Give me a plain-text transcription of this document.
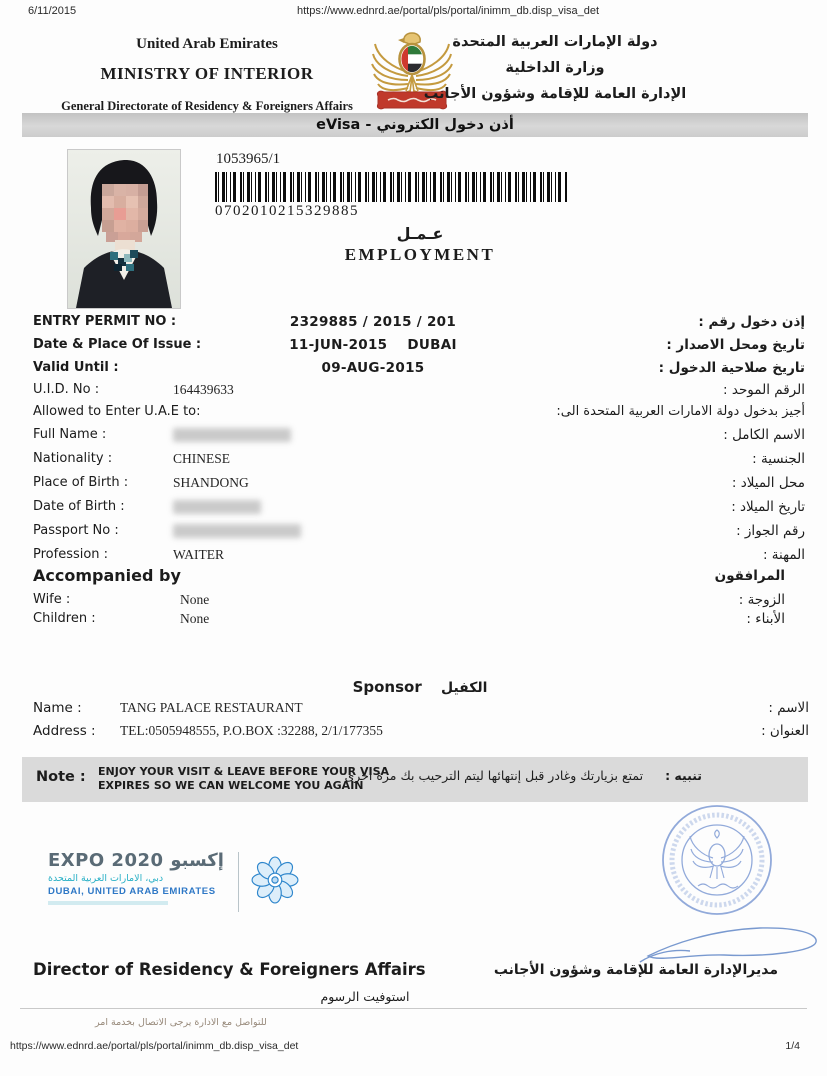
6/11/2015	https://www.ednrd.ae/portal/pls/portal/inimm_db.disp_visa_det
United Arab Emirates
MINISTRY OF INTERIOR
General Directorate of Residency & Foreigners Affairs
دولة الإمارات العربية المتحدة
وزارة الداخلية
الإدارة العامة للإقامة وشؤون الأجانب
eVisa - أذن دخول الكتروني
1053965/1
0702010215329885
عـمـل
EMPLOYMENT
ENTRY PERMIT NO :	2329885 / 2015 / 201	إذن دخول رقم :
Date & Place Of Issue :	11-JUN-2015    DUBAI	تاريخ ومحل الاصدار :
Valid Until :	09-AUG-2015	تاريخ صلاحية الدخول :
U.I.D. No :	164439633	الرقم الموحد :
Allowed to Enter U.A.E to:	أجيز بدخول دولة الامارات العربية المتحدة الى:
Full Name :	الاسم الكامل :
Nationality :	CHINESE	الجنسية :
Place of Birth :	SHANDONG	محل الميلاد :
Date of Birth :	تاريخ الميلاد :
Passport No :	رقم الجواز :
Profession :	WAITER	المهنة :
Accompanied by	المرافقون
Wife :	None	الزوجة :
Children :	None	الأبناء :
Sponsor الكفيل
Name :	TANG PALACE RESTAURANT	الاسم :
Address : TEL:0505948555, P.O.BOX :32288, 2/1/177355	العنوان :
Note : ENJOY YOUR VISIT & LEAVE BEFORE YOUR VISA
EXPIRES SO WE CAN WELCOME YOU AGAIN
تنبيه : تمتع بزيارتك وغادر قبل إنتهائها ليتم الترحيب بك مرة أخرى
EXPO 2020 إكسبو
دبي، الامارات العربية المتحدة
DUBAI, UNITED ARAB EMIRATES
Director of Residency & Foreigners Affairs	مديرالإدارة العامة للإقامة وشؤون الأجانب
استوفيت الرسوم
للتواصل مع الادارة يرجى الاتصال بخدمة امر
https://www.ednrd.ae/portal/pls/portal/inimm_db.disp_visa_det	1/4
